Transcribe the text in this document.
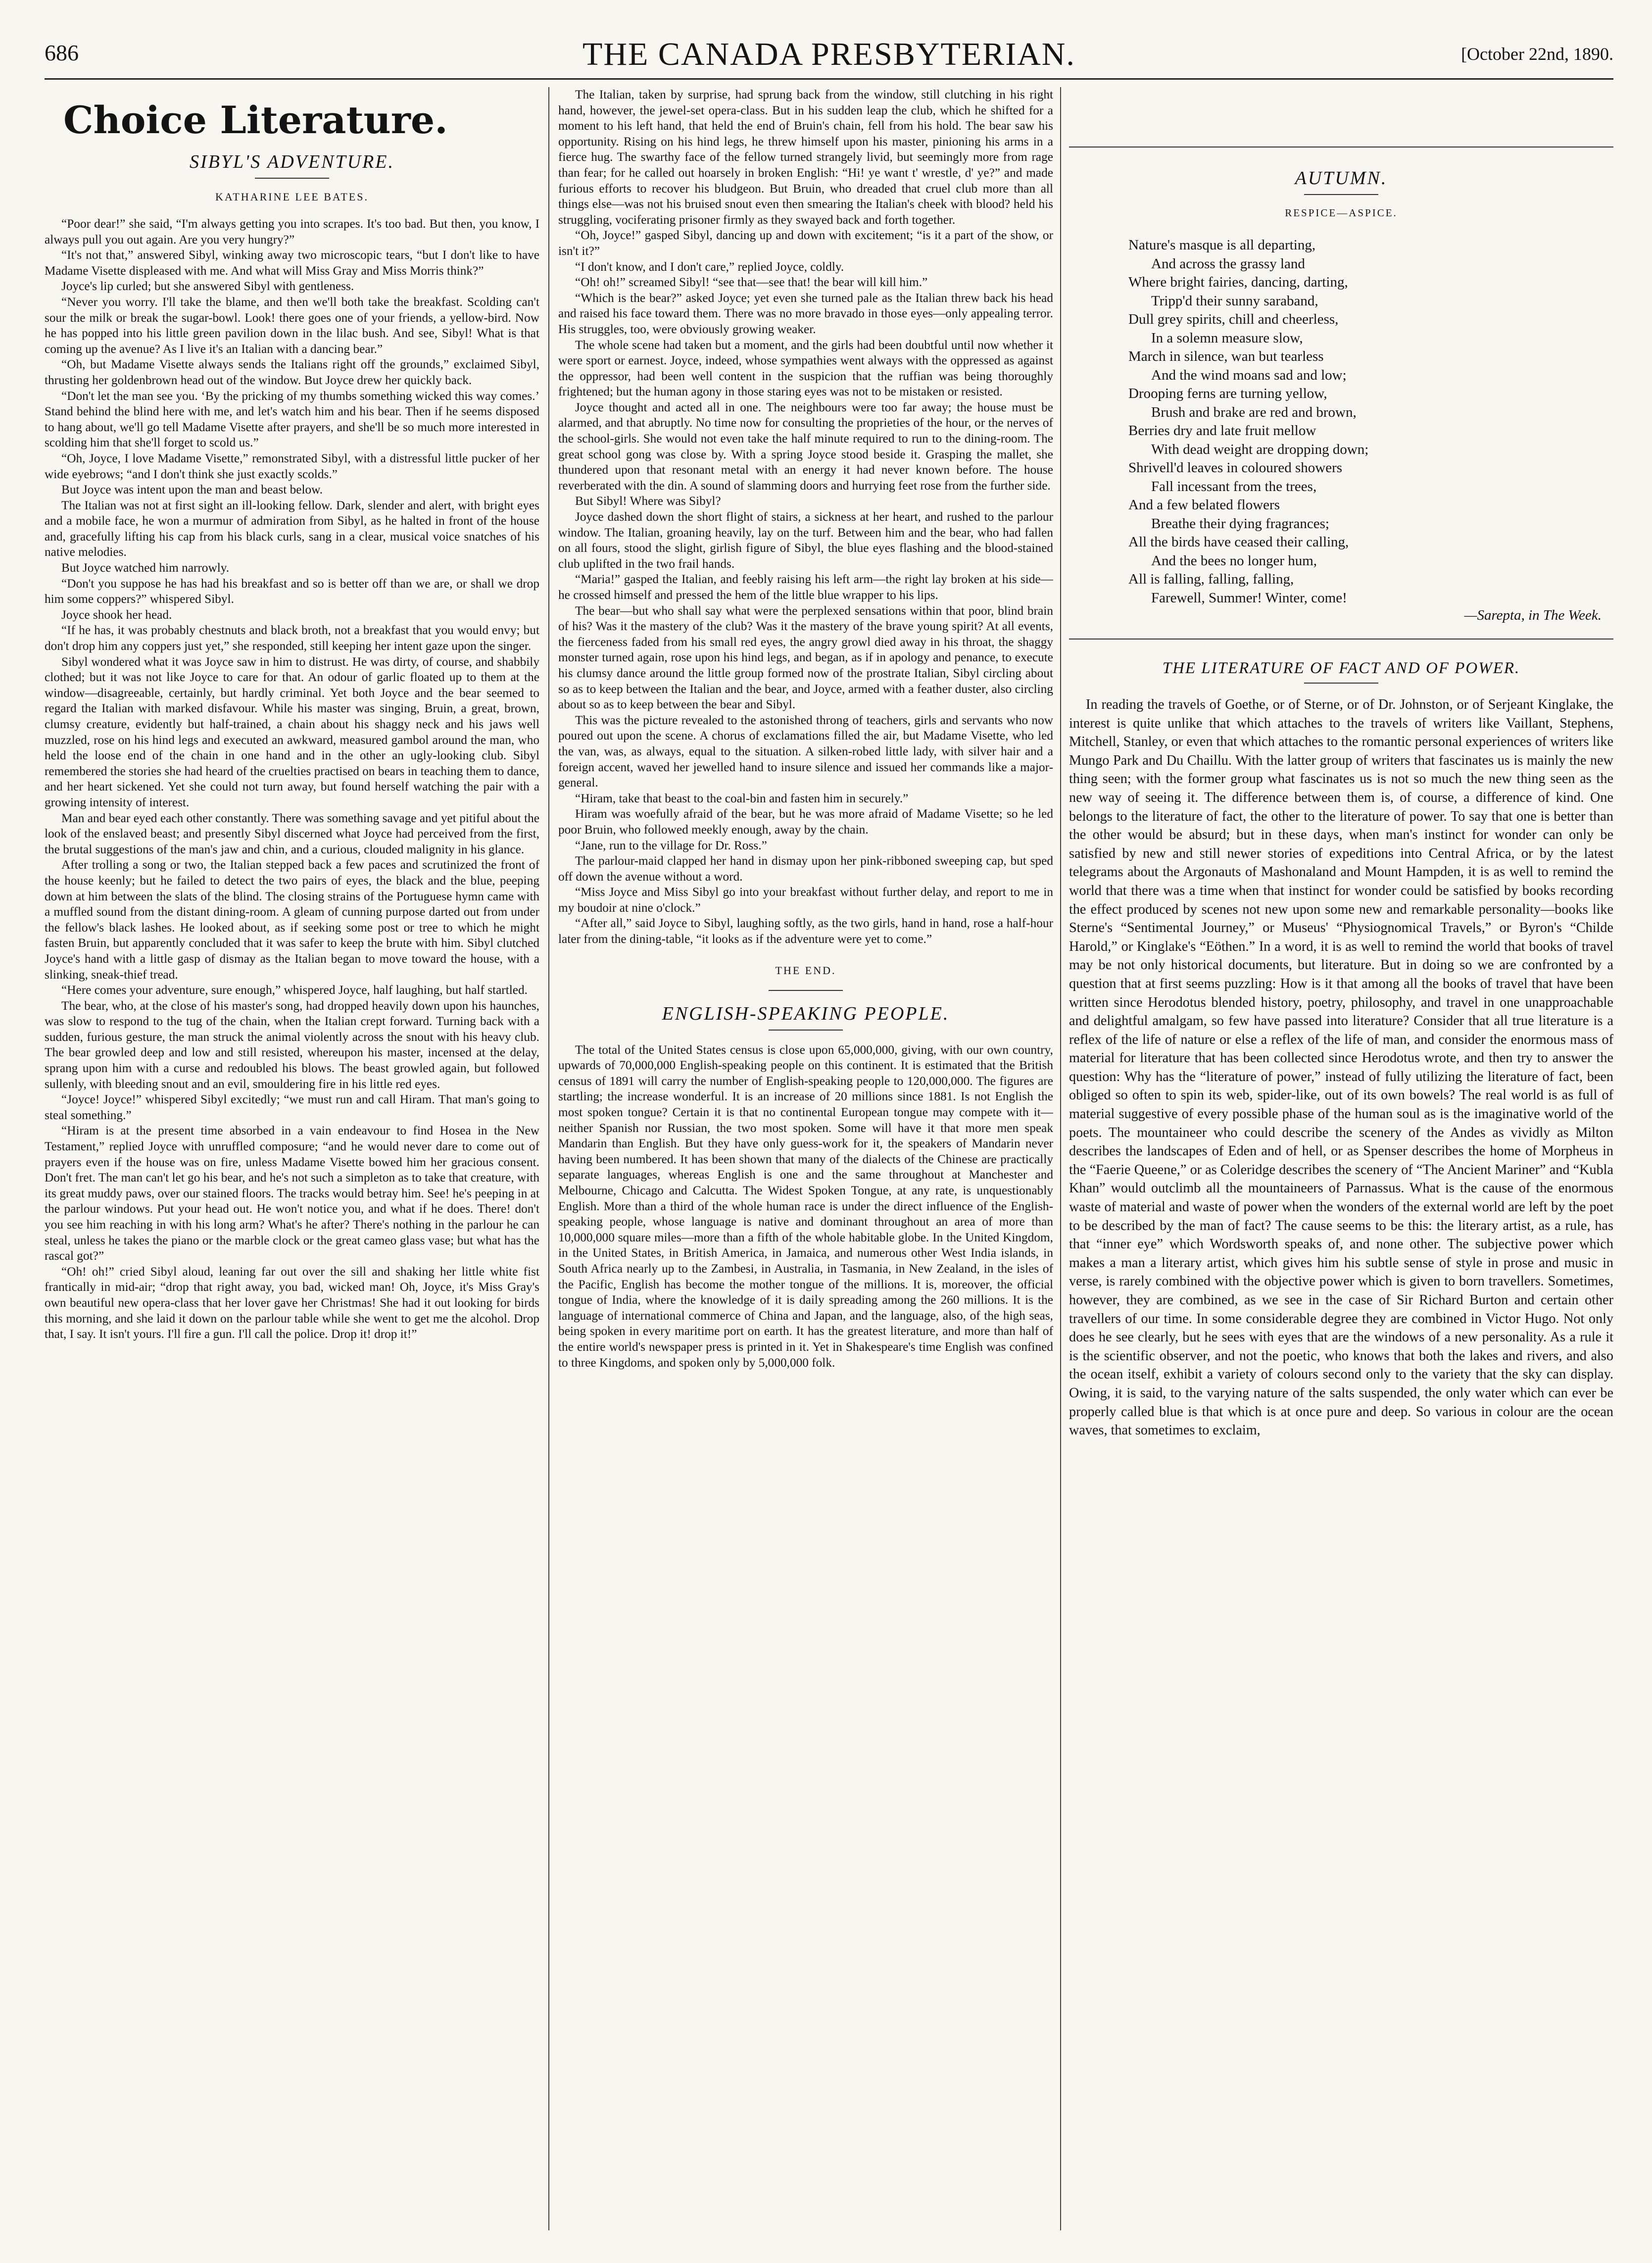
686	THE CANADA PRESBYTERIAN.	[October 22nd, 1890.
Choice Literature.
SIBYL'S ADVENTURE.
KATHARINE LEE BATES.

“Poor dear!” she said, “I'm always getting you into scrapes. It's too bad. But then, you know, I always pull you out again. Are you very hungry?”

“It's not that,” answered Sibyl, winking away two microscopic tears, “but I don't like to have Madame Visette displeased with me. And what will Miss Gray and Miss Morris think?”

Joyce's lip curled; but she answered Sibyl with gentleness.

“Never you worry. I'll take the blame, and then we'll both take the breakfast. Scolding can't sour the milk or break the sugar-bowl. Look! there goes one of your friends, a yellow-bird. Now he has popped into his little green pavilion down in the lilac bush. And see, Sibyl! What is that coming up the avenue? As I live it's an Italian with a dancing bear.”

“Oh, but Madame Visette always sends the Italians right off the grounds,” exclaimed Sibyl, thrusting her goldenbrown head out of the window. But Joyce drew her quickly back.

“Don't let the man see you. ‘By the pricking of my thumbs something wicked this way comes.’ Stand behind the blind here with me, and let's watch him and his bear. Then if he seems disposed to hang about, we'll go tell Madame Visette after prayers, and she'll be so much more interested in scolding him that she'll forget to scold us.”

“Oh, Joyce, I love Madame Visette,” remonstrated Sibyl, with a distressful little pucker of her wide eyebrows; “and I don't think she just exactly scolds.”

But Joyce was intent upon the man and beast below.

The Italian was not at first sight an ill-looking fellow. Dark, slender and alert, with bright eyes and a mobile face, he won a murmur of admiration from Sibyl, as he halted in front of the house and, gracefully lifting his cap from his black curls, sang in a clear, musical voice snatches of his native melodies.

But Joyce watched him narrowly.

“Don't you suppose he has had his breakfast and so is better off than we are, or shall we drop him some coppers?” whispered Sibyl.

Joyce shook her head.

“If he has, it was probably chestnuts and black broth, not a breakfast that you would envy; but don't drop him any coppers just yet,” she responded, still keeping her intent gaze upon the singer.

Sibyl wondered what it was Joyce saw in him to distrust. He was dirty, of course, and shabbily clothed; but it was not like Joyce to care for that. An odour of garlic floated up to them at the window—disagreeable, certainly, but hardly criminal. Yet both Joyce and the bear seemed to regard the Italian with marked disfavour. While his master was singing, Bruin, a great, brown, clumsy creature, evidently but half-trained, a chain about his shaggy neck and his jaws well muzzled, rose on his hind legs and executed an awkward, measured gambol around the man, who held the loose end of the chain in one hand and in the other an ugly-looking club. Sibyl remembered the stories she had heard of the cruelties practised on bears in teaching them to dance, and her heart sickened. Yet she could not turn away, but found herself watching the pair with a growing intensity of interest.

Man and bear eyed each other constantly. There was something savage and yet pitiful about the look of the enslaved beast; and presently Sibyl discerned what Joyce had perceived from the first, the brutal suggestions of the man's jaw and chin, and a curious, clouded malignity in his glance.

After trolling a song or two, the Italian stepped back a few paces and scrutinized the front of the house keenly; but he failed to detect the two pairs of eyes, the black and the blue, peeping down at him between the slats of the blind. The closing strains of the Portuguese hymn came with a muffled sound from the distant dining-room. A gleam of cunning purpose darted out from under the fellow's black lashes. He looked about, as if seeking some post or tree to which he might fasten Bruin, but apparently concluded that it was safer to keep the brute with him. Sibyl clutched Joyce's hand with a little gasp of dismay as the Italian began to move toward the house, with a slinking, sneak-thief tread.

“Here comes your adventure, sure enough,” whispered Joyce, half laughing, but half startled.

The bear, who, at the close of his master's song, had dropped heavily down upon his haunches, was slow to respond to the tug of the chain, when the Italian crept forward. Turning back with a sudden, furious gesture, the man struck the animal violently across the snout with his heavy club. The bear growled deep and low and still resisted, whereupon his master, incensed at the delay, sprang upon him with a curse and redoubled his blows. The beast growled again, but followed sullenly, with bleeding snout and an evil, smouldering fire in his little red eyes.

“Joyce! Joyce!” whispered Sibyl excitedly; “we must run and call Hiram. That man's going to steal something.”

“Hiram is at the present time absorbed in a vain endeavour to find Hosea in the New Testament,” replied Joyce with unruffled composure; “and he would never dare to come out of prayers even if the house was on fire, unless Madame Visette bowed him her gracious consent. Don't fret. The man can't let go his bear, and he's not such a simpleton as to take that creature, with its great muddy paws, over our stained floors. The tracks would betray him. See! he's peeping in at the parlour windows. Put your head out. He won't notice you, and what if he does. There! don't you see him reaching in with his long arm? What's he after? There's nothing in the parlour he can steal, unless he takes the piano or the marble clock or the great cameo glass vase; but what has the rascal got?”

“Oh! oh!” cried Sibyl aloud, leaning far out over the sill and shaking her little white fist frantically in mid-air; “drop that right away, you bad, wicked man! Oh, Joyce, it's Miss Gray's own beautiful new opera-class that her lover gave her Christmas! She had it out looking for birds this morning, and she laid it down on the parlour table while she went to get me the alcohol. Drop that, I say. It isn't yours. I'll fire a gun. I'll call the police. Drop it! drop it!”

The Italian, taken by surprise, had sprung back from the window, still clutching in his right hand, however, the jewel-set opera-class. But in his sudden leap the club, which he shifted for a moment to his left hand, that held the end of Bruin's chain, fell from his hold. The bear saw his opportunity. Rising on his hind legs, he threw himself upon his master, pinioning his arms in a fierce hug. The swarthy face of the fellow turned strangely livid, but seemingly more from rage than fear; for he called out hoarsely in broken English: “Hi! ye want t' wrestle, d' ye?” and made furious efforts to recover his bludgeon. But Bruin, who dreaded that cruel club more than all things else—was not his bruised snout even then smearing the Italian's cheek with blood? held his struggling, vociferating prisoner firmly as they swayed back and forth together.

“Oh, Joyce!” gasped Sibyl, dancing up and down with excitement; “is it a part of the show, or isn't it?”

“I don't know, and I don't care,” replied Joyce, coldly.

“Oh! oh!” screamed Sibyl! “see that—see that! the bear will kill him.”

“Which is the bear?” asked Joyce; yet even she turned pale as the Italian threw back his head and raised his face toward them. There was no more bravado in those eyes—only appealing terror. His struggles, too, were obviously growing weaker.

The whole scene had taken but a moment, and the girls had been doubtful until now whether it were sport or earnest. Joyce, indeed, whose sympathies went always with the oppressed as against the oppressor, had been well content in the suspicion that the ruffian was being thoroughly frightened; but the human agony in those staring eyes was not to be mistaken or resisted.

Joyce thought and acted all in one. The neighbours were too far away; the house must be alarmed, and that abruptly. No time now for consulting the proprieties of the hour, or the nerves of the school-girls. She would not even take the half minute required to run to the dining-room. The great school gong was close by. With a spring Joyce stood beside it. Grasping the mallet, she thundered upon that resonant metal with an energy it had never known before. The house reverberated with the din. A sound of slamming doors and hurrying feet rose from the further side.

But Sibyl! Where was Sibyl?

Joyce dashed down the short flight of stairs, a sickness at her heart, and rushed to the parlour window. The Italian, groaning heavily, lay on the turf. Between him and the bear, who had fallen on all fours, stood the slight, girlish figure of Sibyl, the blue eyes flashing and the blood-stained club uplifted in the two frail hands.

“Maria!” gasped the Italian, and feebly raising his left arm—the right lay broken at his side—he crossed himself and pressed the hem of the little blue wrapper to his lips.

The bear—but who shall say what were the perplexed sensations within that poor, blind brain of his? Was it the mastery of the club? Was it the mastery of the brave young spirit? At all events, the fierceness faded from his small red eyes, the angry growl died away in his throat, the shaggy monster turned again, rose upon his hind legs, and began, as if in apology and penance, to execute his clumsy dance around the little group formed now of the prostrate Italian, Sibyl circling about so as to keep between the Italian and the bear, and Joyce, armed with a feather duster, also circling about so as to keep between the bear and Sibyl.

This was the picture revealed to the astonished throng of teachers, girls and servants who now poured out upon the scene. A chorus of exclamations filled the air, but Madame Visette, who led the van, was, as always, equal to the situation. A silken-robed little lady, with silver hair and a foreign accent, waved her jewelled hand to insure silence and issued her commands like a major-general.

“Hiram, take that beast to the coal-bin and fasten him in securely.”

Hiram was woefully afraid of the bear, but he was more afraid of Madame Visette; so he led poor Bruin, who followed meekly enough, away by the chain.

“Jane, run to the village for Dr. Ross.”

The parlour-maid clapped her hand in dismay upon her pink-ribboned sweeping cap, but sped off down the avenue without a word.

“Miss Joyce and Miss Sibyl go into your breakfast without further delay, and report to me in my boudoir at nine o'clock.”

“After all,” said Joyce to Sibyl, laughing softly, as the two girls, hand in hand, rose a half-hour later from the dining-table, “it looks as if the adventure were yet to come.”

THE END.
ENGLISH-SPEAKING PEOPLE.

The total of the United States census is close upon 65,000,000, giving, with our own country, upwards of 70,000,000 English-speaking people on this continent. It is estimated that the British census of 1891 will carry the number of English-speaking people to 120,000,000. The figures are startling; the increase wonderful. It is an increase of 20 millions since 1881. Is not English the most spoken tongue? Certain it is that no continental European tongue may compete with it—neither Spanish nor Russian, the two most spoken. Some will have it that more men speak Mandarin than English. But they have only guess-work for it, the speakers of Mandarin never having been numbered. It has been shown that many of the dialects of the Chinese are practically separate languages, whereas English is one and the same throughout at Manchester and Melbourne, Chicago and Calcutta. The Widest Spoken Tongue, at any rate, is unquestionably English. More than a third of the whole human race is under the direct influence of the English-speaking people, whose language is native and dominant throughout an area of more than 10,000,000 square miles—more than a fifth of the whole habitable globe. In the United Kingdom, in the United States, in British America, in Jamaica, and numerous other West India islands, in South Africa nearly up to the Zambesi, in Australia, in Tasmania, in New Zealand, in the isles of the Pacific, English has become the mother tongue of the millions. It is, moreover, the official tongue of India, where the knowledge of it is daily spreading among the 260 millions. It is the language of international commerce of China and Japan, and the language, also, of the high seas, being spoken in every maritime port on earth. It has the greatest literature, and more than half of the entire world's newspaper press is printed in it. Yet in Shakespeare's time English was confined to three Kingdoms, and spoken only by 5,000,000 folk.

AUTUMN.
RESPICE—ASPICE.
Nature's masque is all departing,
And across the grassy land
Where bright fairies, dancing, darting,
Tripp'd their sunny saraband,
Dull grey spirits, chill and cheerless,
In a solemn measure slow,
March in silence, wan but tearless
And the wind moans sad and low;
Drooping ferns are turning yellow,
Brush and brake are red and brown,
Berries dry and late fruit mellow
With dead weight are dropping down;
Shrivell'd leaves in coloured showers
Fall incessant from the trees,
And a few belated flowers
Breathe their dying fragrances;
All the birds have ceased their calling,
And the bees no longer hum,
All is falling, falling, falling,
Farewell, Summer! Winter, come!
—Sarepta, in The Week.
THE LITERATURE OF FACT AND OF POWER.

In reading the travels of Goethe, or of Sterne, or of Dr. Johnston, or of Serjeant Kinglake, the interest is quite unlike that which attaches to the travels of writers like Vaillant, Stephens, Mitchell, Stanley, or even that which attaches to the romantic personal experiences of writers like Mungo Park and Du Chaillu. With the latter group of writers that fascinates us is mainly the new thing seen; with the former group what fascinates us is not so much the new thing seen as the new way of seeing it. The difference between them is, of course, a difference of kind. One belongs to the literature of fact, the other to the literature of power. To say that one is better than the other would be absurd; but in these days, when man's instinct for wonder can only be satisfied by new and still newer stories of expeditions into Central Africa, or by the latest telegrams about the Argonauts of Mashonaland and Mount Hampden, it is as well to remind the world that there was a time when that instinct for wonder could be satisfied by books recording the effect produced by scenes not new upon some new and remarkable personality—books like Sterne's “Sentimental Journey,” or Museus' “Physiognomical Travels,” or Byron's “Childe Harold,” or Kinglake's “Eöthen.” In a word, it is as well to remind the world that books of travel may be not only historical documents, but literature. But in doing so we are confronted by a question that at first seems puzzling: How is it that among all the books of travel that have been written since Herodotus blended history, poetry, philosophy, and travel in one unapproachable and delightful amalgam, so few have passed into literature? Consider that all true literature is a reflex of the life of nature or else a reflex of the life of man, and consider the enormous mass of material for literature that has been collected since Herodotus wrote, and then try to answer the question: Why has the “literature of power,” instead of fully utilizing the literature of fact, been obliged so often to spin its web, spider-like, out of its own bowels? The real world is as full of material suggestive of every possible phase of the human soul as is the imaginative world of the poets. The mountaineer who could describe the scenery of the Andes as vividly as Milton describes the landscapes of Eden and of hell, or as Spenser describes the home of Morpheus in the “Faerie Queene,” or as Coleridge describes the scenery of “The Ancient Mariner” and “Kubla Khan” would outclimb all the mountaineers of Parnassus. What is the cause of the enormous waste of material and waste of power when the wonders of the external world are left by the poet to be described by the man of fact? The cause seems to be this: the literary artist, as a rule, has that “inner eye” which Wordsworth speaks of, and none other. The subjective power which makes a man a literary artist, which gives him his subtle sense of style in prose and music in verse, is rarely combined with the objective power which is given to born travellers. Sometimes, however, they are combined, as we see in the case of Sir Richard Burton and certain other travellers of our time. In some considerable degree they are combined in Victor Hugo. Not only does he see clearly, but he sees with eyes that are the windows of a new personality. As a rule it is the scientific observer, and not the poetic, who knows that both the lakes and rivers, and also the ocean itself, exhibit a variety of colours second only to the variety that the sky can display. Owing, it is said, to the varying nature of the salts suspended, the only water which can ever be properly called blue is that which is at once pure and deep. So various in colour are the ocean waves, that sometimes to exclaim,
